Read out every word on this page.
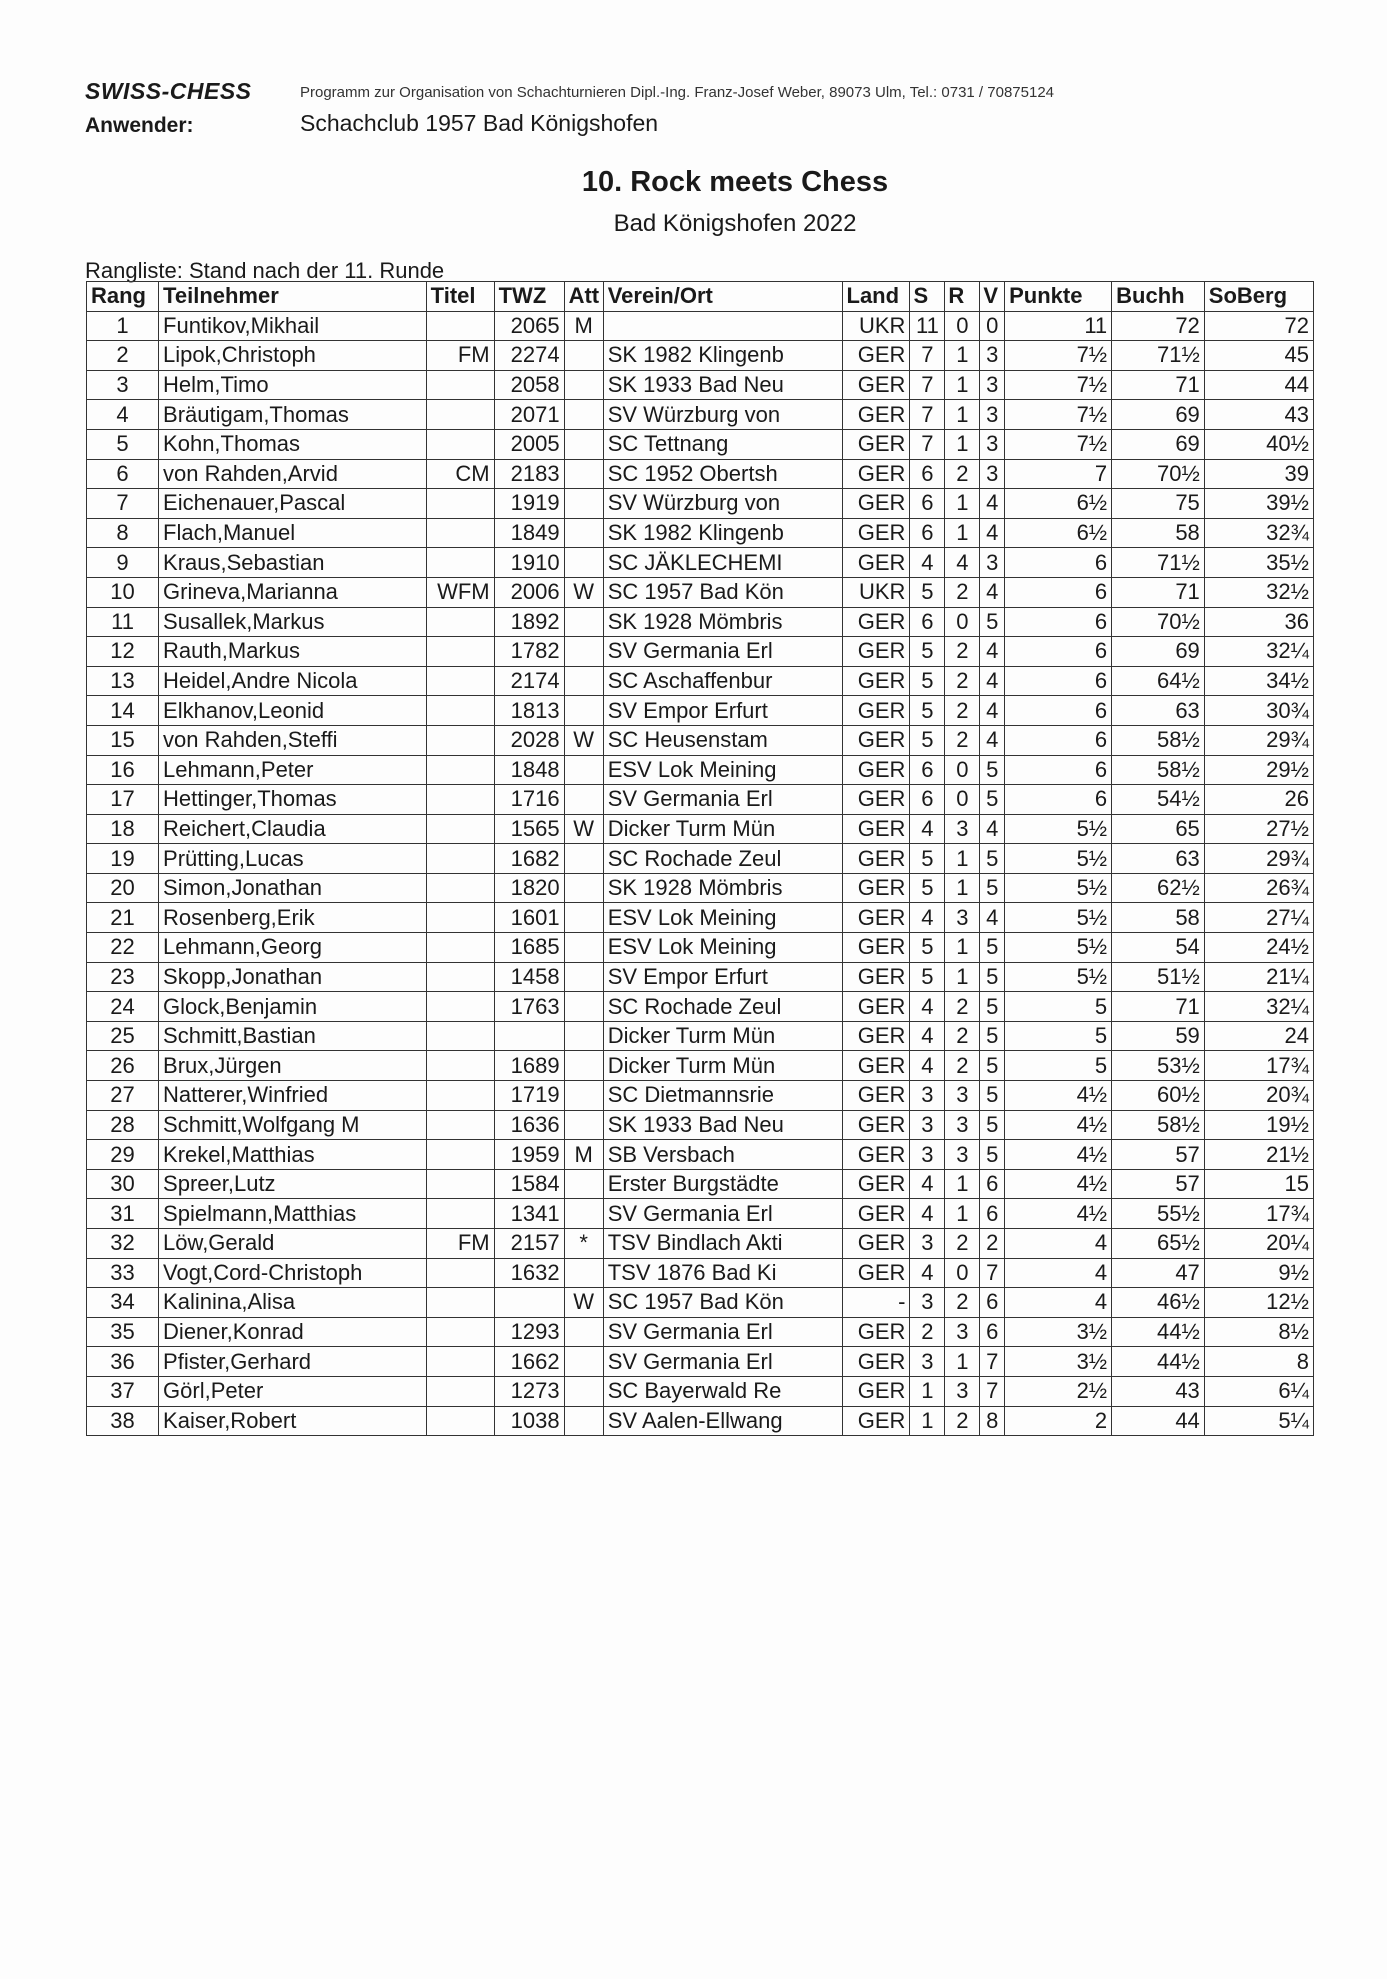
SWISS-CHESS	Programm zur Organisation von Schachturnieren Dipl.-Ing. Franz-Josef Weber, 89073 Ulm, Tel.: 0731 / 70875124
Anwender:	Schachclub 1957 Bad Königshofen
10. Rock meets Chess
Bad Königshofen 2022
Rangliste: Stand nach der 11. Runde
Rang	Teilnehmer	Titel	TWZ	Att	Verein/Ort	Land	S	R	V	Punkte	Buchh	SoBerg
1	Funtikov,Mikhail		2065	M		UKR	11	0	0	11	72	72
2	Lipok,Christoph	FM	2274		SK 1982 Klingenb	GER	7	1	3	7½	71½	45
3	Helm,Timo		2058		SK 1933 Bad Neu	GER	7	1	3	7½	71	44
4	Bräutigam,Thomas		2071		SV Würzburg von	GER	7	1	3	7½	69	43
5	Kohn,Thomas		2005		SC Tettnang	GER	7	1	3	7½	69	40½
6	von Rahden,Arvid	CM	2183		SC 1952 Obertsh	GER	6	2	3	7	70½	39
7	Eichenauer,Pascal		1919		SV Würzburg von	GER	6	1	4	6½	75	39½
8	Flach,Manuel		1849		SK 1982 Klingenb	GER	6	1	4	6½	58	32¾
9	Kraus,Sebastian		1910		SC JÄKLECHEMI	GER	4	4	3	6	71½	35½
10	Grineva,Marianna	WFM	2006	W	SC 1957 Bad Kön	UKR	5	2	4	6	71	32½
11	Susallek,Markus		1892		SK 1928 Mömbris	GER	6	0	5	6	70½	36
12	Rauth,Markus		1782		SV Germania Erl	GER	5	2	4	6	69	32¼
13	Heidel,Andre Nicola		2174		SC Aschaffenbur	GER	5	2	4	6	64½	34½
14	Elkhanov,Leonid		1813		SV Empor Erfurt	GER	5	2	4	6	63	30¾
15	von Rahden,Steffi		2028	W	SC Heusenstam	GER	5	2	4	6	58½	29¾
16	Lehmann,Peter		1848		ESV Lok Meining	GER	6	0	5	6	58½	29½
17	Hettinger,Thomas		1716		SV Germania Erl	GER	6	0	5	6	54½	26
18	Reichert,Claudia		1565	W	Dicker Turm Mün	GER	4	3	4	5½	65	27½
19	Prütting,Lucas		1682		SC Rochade Zeul	GER	5	1	5	5½	63	29¾
20	Simon,Jonathan		1820		SK 1928 Mömbris	GER	5	1	5	5½	62½	26¾
21	Rosenberg,Erik		1601		ESV Lok Meining	GER	4	3	4	5½	58	27¼
22	Lehmann,Georg		1685		ESV Lok Meining	GER	5	1	5	5½	54	24½
23	Skopp,Jonathan		1458		SV Empor Erfurt	GER	5	1	5	5½	51½	21¼
24	Glock,Benjamin		1763		SC Rochade Zeul	GER	4	2	5	5	71	32¼
25	Schmitt,Bastian				Dicker Turm Mün	GER	4	2	5	5	59	24
26	Brux,Jürgen		1689		Dicker Turm Mün	GER	4	2	5	5	53½	17¾
27	Natterer,Winfried		1719		SC Dietmannsrie	GER	3	3	5	4½	60½	20¾
28	Schmitt,Wolfgang M		1636		SK 1933 Bad Neu	GER	3	3	5	4½	58½	19½
29	Krekel,Matthias		1959	M	SB Versbach	GER	3	3	5	4½	57	21½
30	Spreer,Lutz		1584		Erster Burgstädte	GER	4	1	6	4½	57	15
31	Spielmann,Matthias		1341		SV Germania Erl	GER	4	1	6	4½	55½	17¾
32	Löw,Gerald	FM	2157	*	TSV Bindlach Akti	GER	3	2	2	4	65½	20¼
33	Vogt,Cord-Christoph		1632		TSV 1876 Bad Ki	GER	4	0	7	4	47	9½
34	Kalinina,Alisa			W	SC 1957 Bad Kön	-	3	2	6	4	46½	12½
35	Diener,Konrad		1293		SV Germania Erl	GER	2	3	6	3½	44½	8½
36	Pfister,Gerhard		1662		SV Germania Erl	GER	3	1	7	3½	44½	8
37	Görl,Peter		1273		SC Bayerwald Re	GER	1	3	7	2½	43	6¼
38	Kaiser,Robert		1038		SV Aalen-Ellwang	GER	1	2	8	2	44	5¼
